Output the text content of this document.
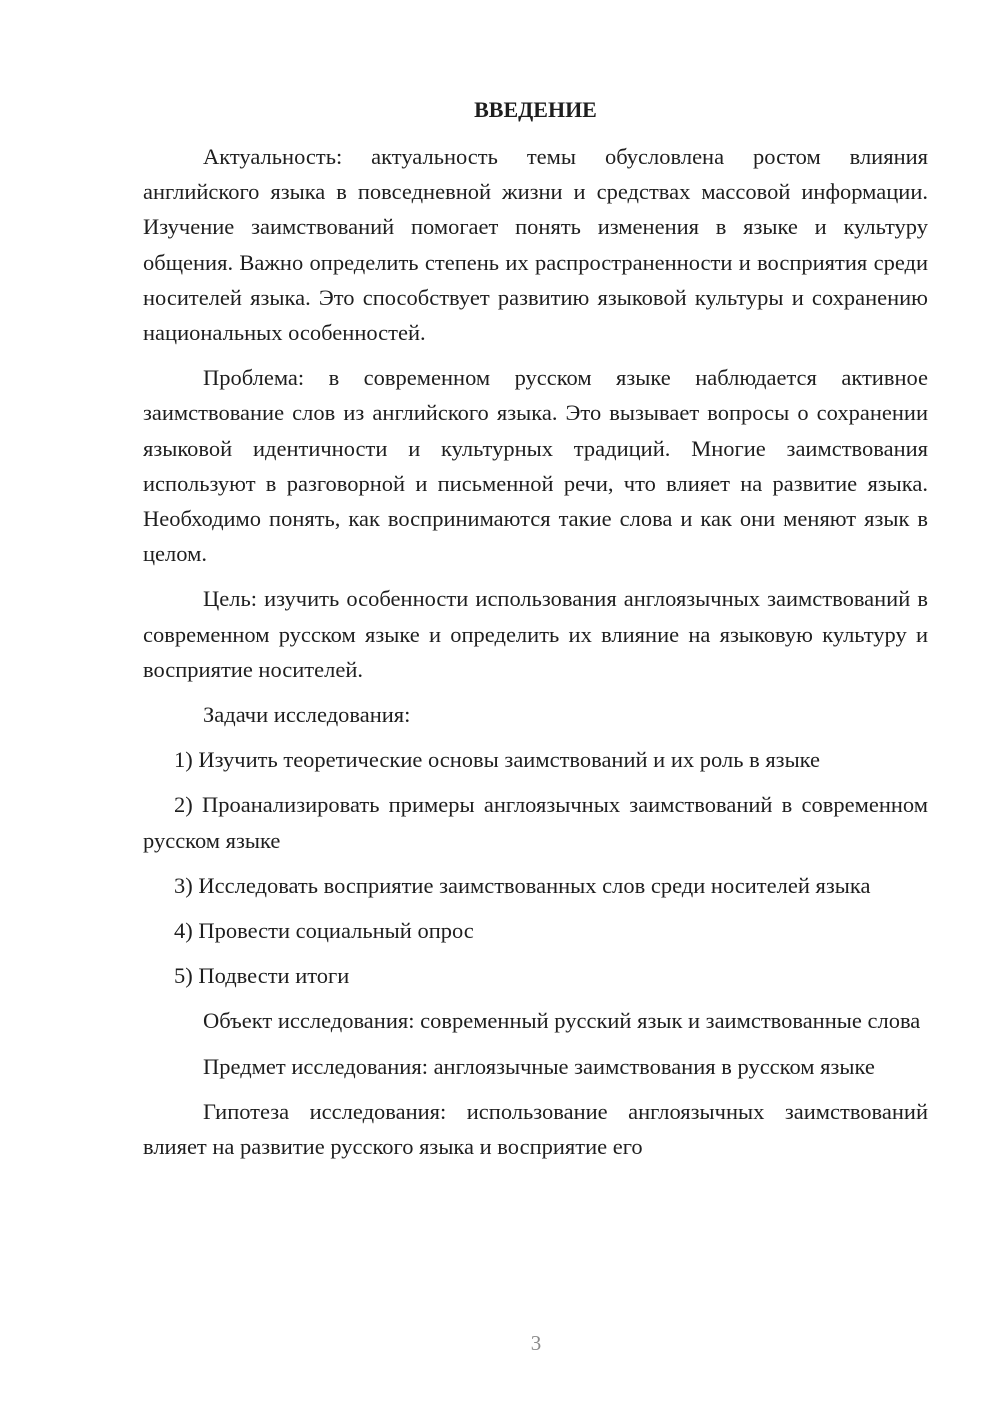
ВВЕДЕНИЕ

Актуальность: актуальность темы обусловлена ростом влияния английского языка в повседневной жизни и средствах массовой информации. Изучение заимствований помогает понять изменения в языке и культуру общения. Важно определить степень их распространенности и восприятия среди носителей языка. Это способствует развитию языковой культуры и сохранению национальных особенностей.

Проблема: в современном русском языке наблюдается активное заимствование слов из английского языка. Это вызывает вопросы о сохранении языковой идентичности и культурных традиций. Многие заимствования используют в разговорной и письменной речи, что влияет на развитие языка. Необходимо понять, как воспринимаются такие слова и как они меняют язык в целом.

Цель: изучить особенности использования англоязычных заимствований в современном русском языке и определить их влияние на языковую культуру и восприятие носителей.

Задачи исследования:

1) Изучить теоретические основы заимствований и их роль в языке

2) Проанализировать примеры англоязычных заимствований в современном русском языке

3) Исследовать восприятие заимствованных слов среди носителей языка

4) Провести социальный опрос

5) Подвести итоги

Объект исследования: современный русский язык и заимствованные слова

Предмет исследования: англоязычные заимствования в русском языке

Гипотеза исследования: использование англоязычных заимствований влияет на развитие русского языка и восприятие его

3
